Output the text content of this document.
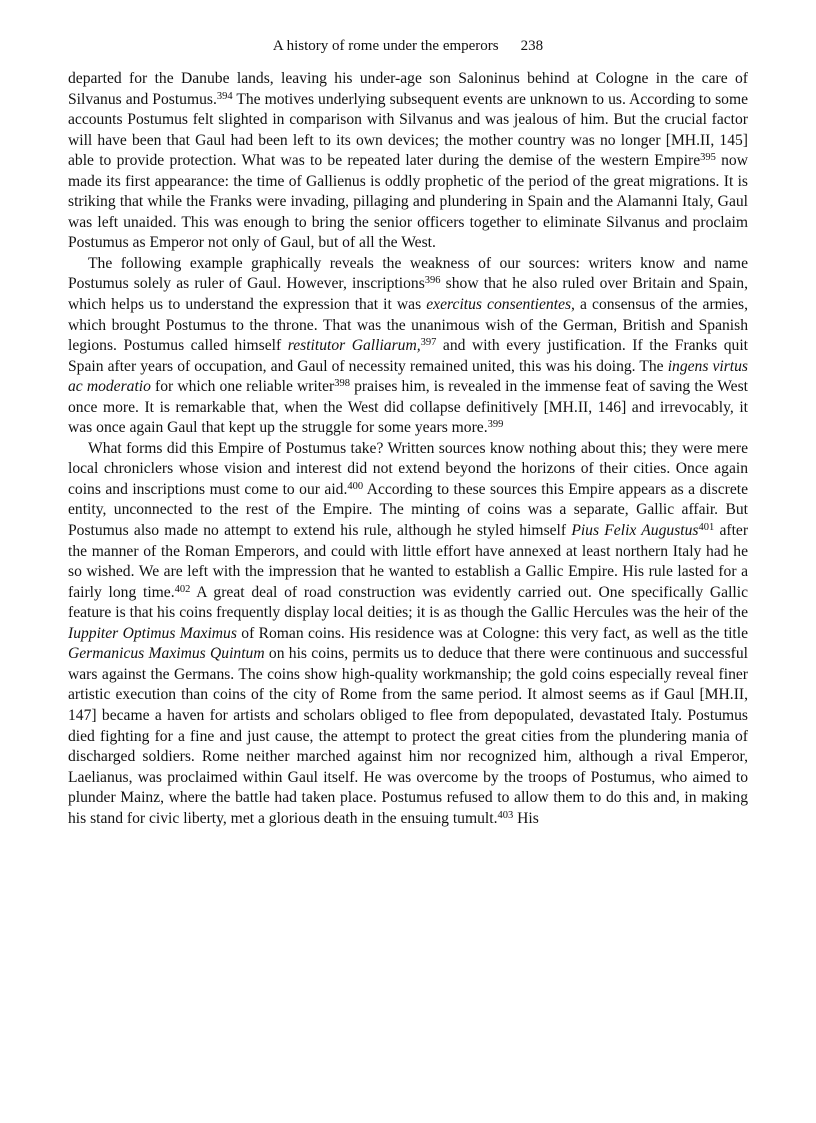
A history of rome under the emperors 238

departed for the Danube lands, leaving his under-age son Saloninus behind at Cologne in the care of Silvanus and Postumus.$^{394}$ The motives underlying subsequent events are unknown to us. According to some accounts Postumus felt slighted in comparison with Silvanus and was jealous of him. But the crucial factor will have been that Gaul had been left to its own devices; the mother country was no longer [MH.II, 145] able to provide protection. What was to be repeated later during the demise of the western Empire$^{395}$ now made its first appearance: the time of Gallienus is oddly prophetic of the period of the great migrations. It is striking that while the Franks were invading, pillaging and plundering in Spain and the Alamanni Italy, Gaul was left unaided. This was enough to bring the senior officers together to eliminate Silvanus and proclaim Postumus as Emperor not only of Gaul, but of all the West.

The following example graphically reveals the weakness of our sources: writers know and name Postumus solely as ruler of Gaul. However, inscriptions$^{396}$ show that he also ruled over Britain and Spain, which helps us to understand the expression that it was exercitus consentientes, a consensus of the armies, which brought Postumus to the throne. That was the unanimous wish of the German, British and Spanish legions. Postumus called himself restitutor Galliarum,$^{397}$ and with every justification. If the Franks quit Spain after years of occupation, and Gaul of necessity remained united, this was his doing. The ingens virtus ac moderatio for which one reliable writer$^{398}$ praises him, is revealed in the immense feat of saving the West once more. It is remarkable that, when the West did collapse definitively [MH.II, 146] and irrevocably, it was once again Gaul that kept up the struggle for some years more.$^{399}$

What forms did this Empire of Postumus take? Written sources know nothing about this; they were mere local chroniclers whose vision and interest did not extend beyond the horizons of their cities. Once again coins and inscriptions must come to our aid.$^{400}$ According to these sources this Empire appears as a discrete entity, unconnected to the rest of the Empire. The minting of coins was a separate, Gallic affair. But Postumus also made no attempt to extend his rule, although he styled himself Pius Felix Augustus$^{401}$ after the manner of the Roman Emperors, and could with little effort have annexed at least northern Italy had he so wished. We are left with the impression that he wanted to establish a Gallic Empire. His rule lasted for a fairly long time.$^{402}$ A great deal of road construction was evidently carried out. One specifically Gallic feature is that his coins frequently display local deities; it is as though the Gallic Hercules was the heir of the Iuppiter Optimus Maximus of Roman coins. His residence was at Cologne: this very fact, as well as the title Germanicus Maximus Quintum on his coins, permits us to deduce that there were continuous and successful wars against the Germans. The coins show high-quality workmanship; the gold coins especially reveal finer artistic execution than coins of the city of Rome from the same period. It almost seems as if Gaul [MH.II, 147] became a haven for artists and scholars obliged to flee from depopulated, devastated Italy. Postumus died fighting for a fine and just cause, the attempt to protect the great cities from the plundering mania of discharged soldiers. Rome neither marched against him nor recognized him, although a rival Emperor, Laelianus, was proclaimed within Gaul itself. He was overcome by the troops of Postumus, who aimed to plunder Mainz, where the battle had taken place. Postumus refused to allow them to do this and, in making his stand for civic liberty, met a glorious death in the ensuing tumult.$^{403}$ His
